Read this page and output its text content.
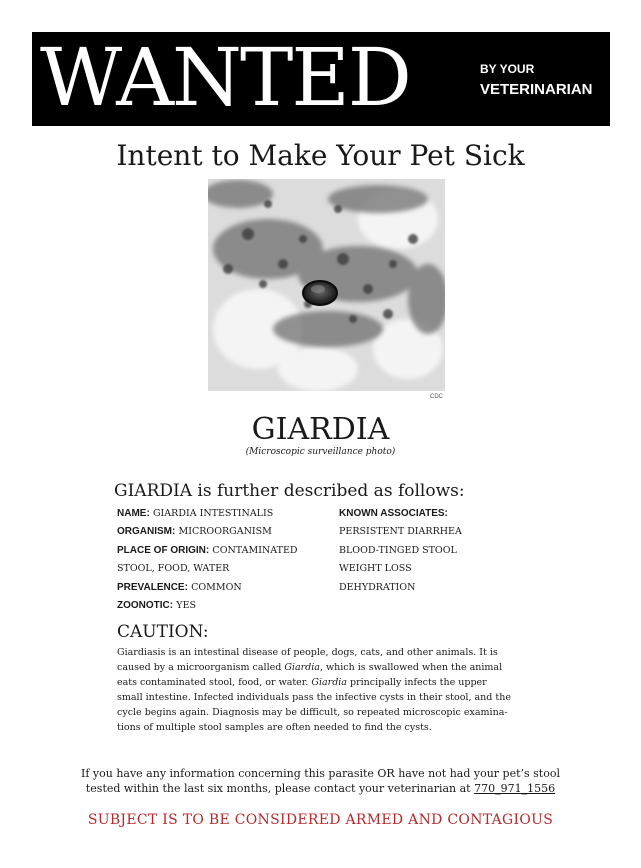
WANTED	BY YOUR
VETERINARIAN
Intent to Make Your Pet Sick
CDC
GIARDIA
(Microscopic surveillance photo)
GIARDIA is further described as follows:
NAME: GIARDIA INTESTINALIS
ORGANISM: MICROORGANISM
PLACE OF ORIGIN: CONTAMINATED
STOOL, FOOD, WATER
PREVALENCE: COMMON
ZOONOTIC: YES
KNOWN ASSOCIATES:
PERSISTENT DIARRHEA
BLOOD-TINGED STOOL
WEIGHT LOSS
DEHYDRATION
CAUTION:
Giardiasis is an intestinal disease of people, dogs, cats, and other animals. It is
caused by a microorganism called Giardia, which is swallowed when the animal
eats contaminated stool, food, or water. Giardia principally infects the upper
small intestine. Infected individuals pass the infective cysts in their stool, and the
cycle begins again. Diagnosis may be difficult, so repeated microscopic examina-
tions of multiple stool samples are often needed to find the cysts.
If you have any information concerning this parasite OR have not had your pet’s stool
tested within the last six months, please contact your veterinarian at 770_971_1556
SUBJECT IS TO BE CONSIDERED ARMED AND CONTAGIOUS
